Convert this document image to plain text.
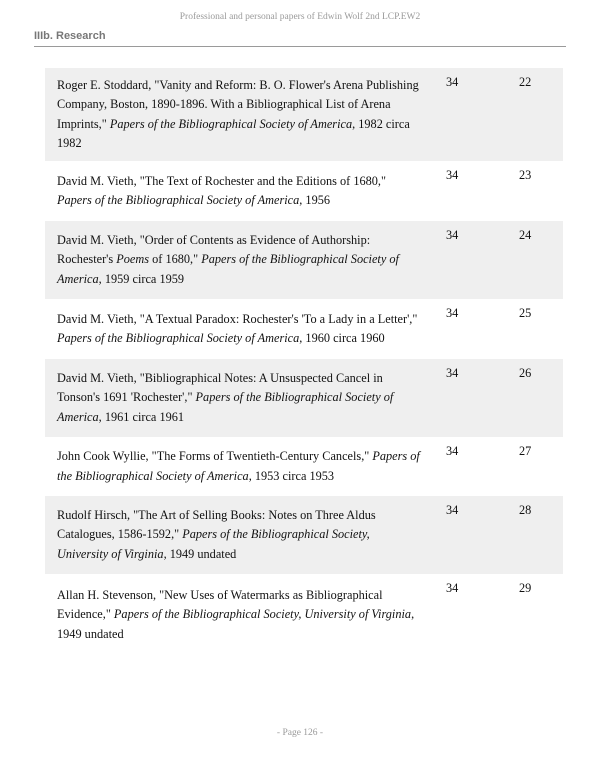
Professional and personal papers of Edwin Wolf 2nd LCP.EW2
IIIb. Research
Roger E. Stoddard, "Vanity and Reform: B. O. Flower's Arena Publishing Company, Boston, 1890-1896. With a Bibliographical List of Arena Imprints," Papers of the Bibliographical Society of America, 1982 circa 1982
34	22
David M. Vieth, "The Text of Rochester and the Editions of 1680," Papers of the Bibliographical Society of America, 1956
34	23
David M. Vieth, "Order of Contents as Evidence of Authorship: Rochester's Poems of 1680," Papers of the Bibliographical Society of America, 1959 circa 1959
34	24
David M. Vieth, "A Textual Paradox: Rochester's 'To a Lady in a Letter'," Papers of the Bibliographical Society of America, 1960 circa 1960
34	25
David M. Vieth, "Bibliographical Notes: A Unsuspected Cancel in Tonson's 1691 'Rochester'," Papers of the Bibliographical Society of America, 1961 circa 1961
34	26
John Cook Wyllie, "The Forms of Twentieth-Century Cancels," Papers of the Bibliographical Society of America, 1953 circa 1953
34	27
Rudolf Hirsch, "The Art of Selling Books: Notes on Three Aldus Catalogues, 1586-1592," Papers of the Bibliographical Society, University of Virginia, 1949 undated
34	28
Allan H. Stevenson, "New Uses of Watermarks as Bibliographical Evidence," Papers of the Bibliographical Society, University of Virginia, 1949 undated
34	29
- Page 126 -
